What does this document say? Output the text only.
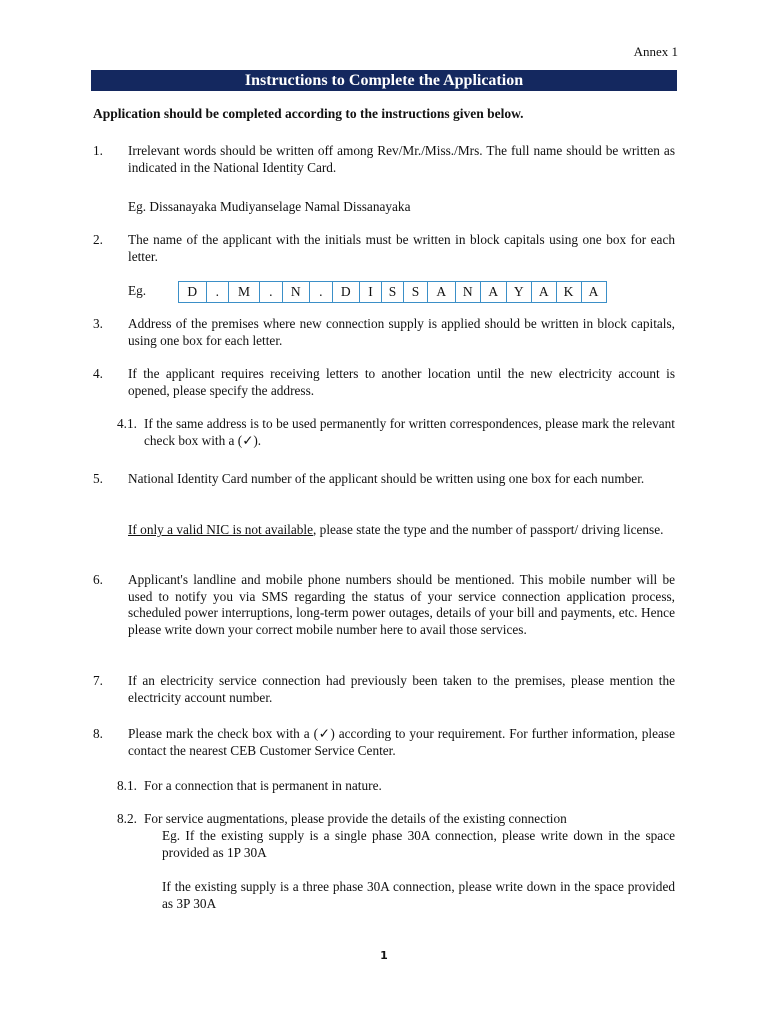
Annex 1
Instructions to Complete the Application
Application should be completed according to the instructions given below.
1. Irrelevant words should be written off among Rev/Mr./Miss./Mrs. The full name should be written as indicated in the National Identity Card.
Eg. Dissanayaka Mudiyanselage Namal Dissanayaka
2. The name of the applicant with the initials must be written in block capitals using one box for each letter.
Eg.	D	.	M	.	N	.	D	I	S	S	A	N	A	Y	A	K	A
3. Address of the premises where new connection supply is applied should be written in block capitals, using one box for each letter.
4. If the applicant requires receiving letters to another location until the new electricity account is opened, please specify the address.
4.1. If the same address is to be used permanently for written correspondences, please mark the relevant check box with a (✓).
5. National Identity Card number of the applicant should be written using one box for each number.
If only a valid NIC is not available, please state the type and the number of passport/ driving license.
6. Applicant's landline and mobile phone numbers should be mentioned. This mobile number will be used to notify you via SMS regarding the status of your service connection application process, scheduled power interruptions, long-term power outages, details of your bill and payments, etc. Hence please write down your correct mobile number here to avail those services.
7. If an electricity service connection had previously been taken to the premises, please mention the electricity account number.
8. Please mark the check box with a (✓) according to your requirement. For further information, please contact the nearest CEB Customer Service Center.
8.1. For a connection that is permanent in nature.
8.2. For service augmentations, please provide the details of the existing connection
Eg. If the existing supply is a single phase 30A connection, please write down in the space provided as 1P 30A
If the existing supply is a three phase 30A connection, please write down in the space provided as 3P 30A
1
